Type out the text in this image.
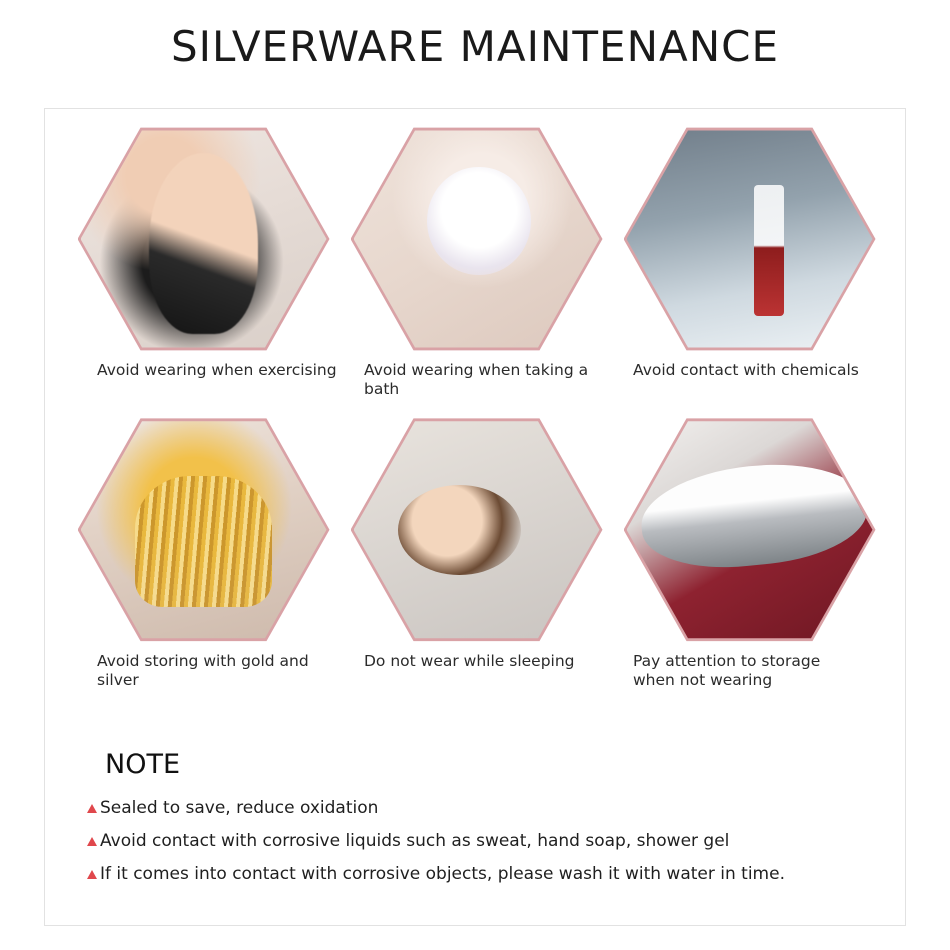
SILVERWARE MAINTENANCE
Avoid wearing when exercising	Avoid wearing when taking a bath
Avoid contact with chemicals
Avoid storing with gold and silver
Do not wear while sleeping	Pay attention to storage
when not wearing
NOTE
Sealed to save, reduce oxidation
Avoid contact with corrosive liquids such as sweat, hand soap, shower gel
If it comes into contact with corrosive objects, please wash it with water in time.
